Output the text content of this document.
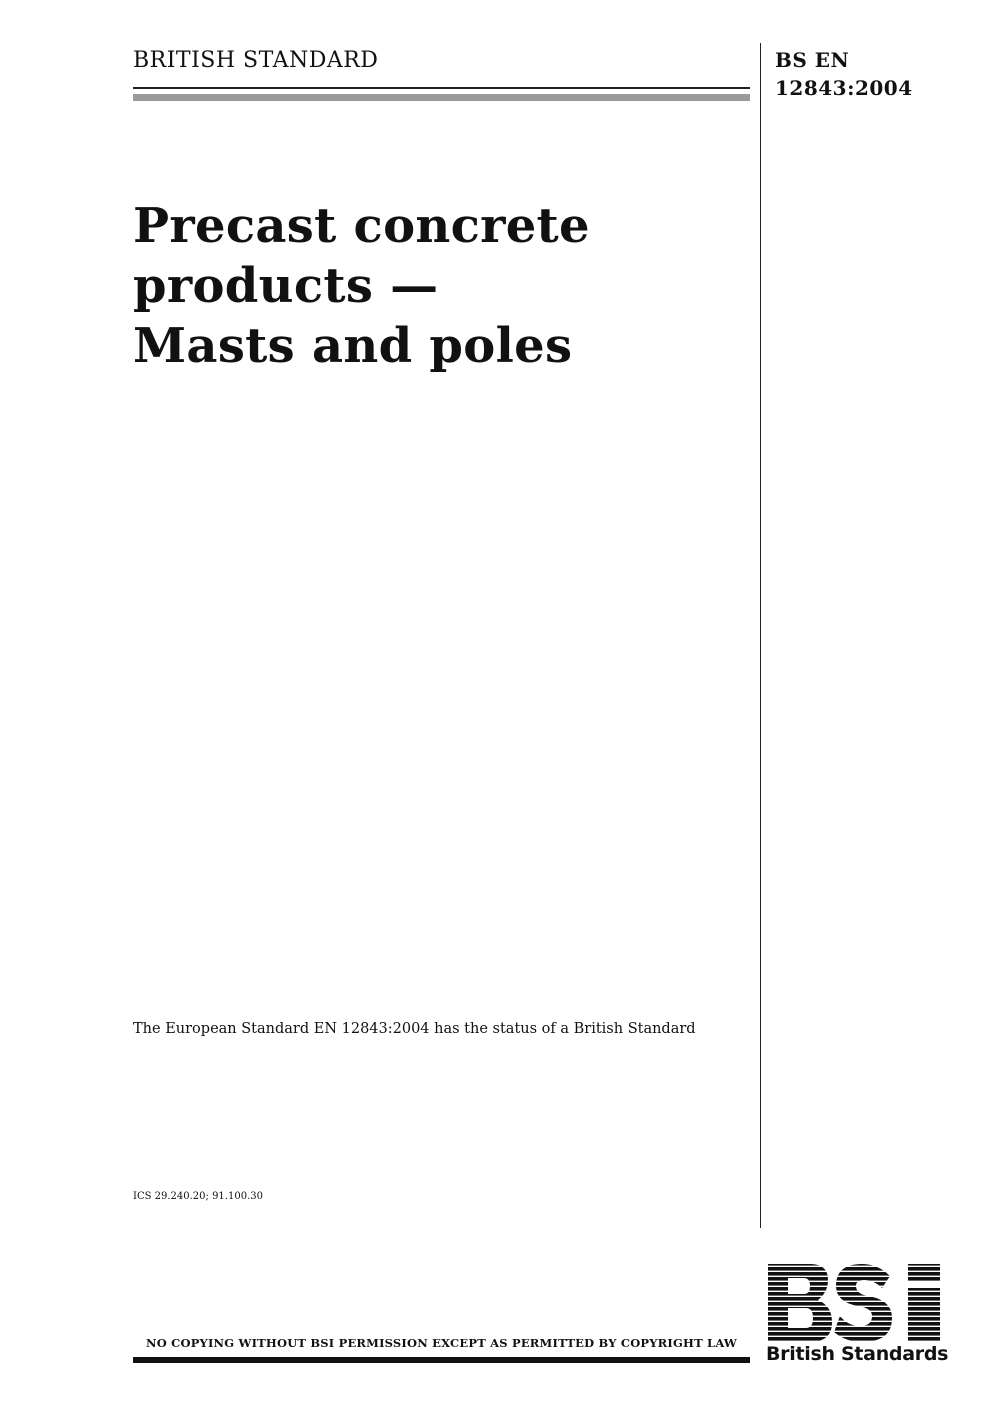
BRITISH STANDARD	BS EN
12843:2004
Precast concrete
products —
Masts and poles
The European Standard EN 12843:2004 has the status of a British Standard
ICS 29.240.20; 91.100.30
NO COPYING WITHOUT BSI PERMISSION EXCEPT AS PERMITTED BY COPYRIGHT LAW	British Standards
